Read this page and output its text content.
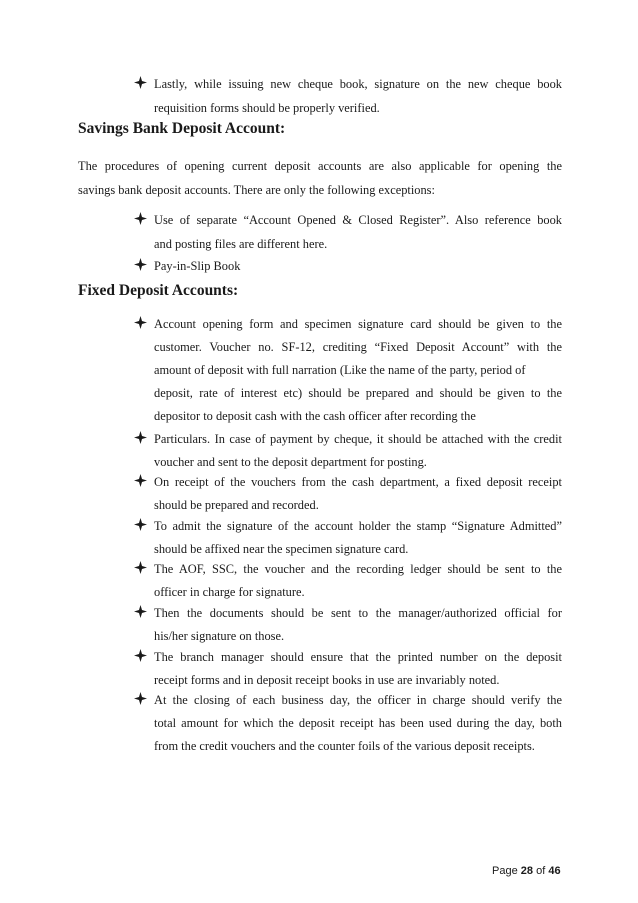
Lastly, while issuing new cheque book, signature on the new cheque book
requisition forms should be properly verified.
Savings Bank Deposit Account:
The procedures of opening current deposit accounts are also applicable for opening the
savings bank deposit accounts. There are only the following exceptions:
Use of separate “Account Opened & Closed Register”. Also reference book
and posting files are different here.
Pay-in-Slip Book
Fixed Deposit Accounts:
Account opening form and specimen signature card should be given to the
customer. Voucher no. SF-12, crediting “Fixed Deposit Account” with the
amount of deposit with full narration (Like the name of the party, period of
deposit, rate of interest etc) should be prepared and should be given to the
depositor to deposit cash with the cash officer after recording the
Particulars. In case of payment by cheque, it should be attached with the credit
voucher and sent to the deposit department for posting.
On receipt of the vouchers from the cash department, a fixed deposit receipt
should be prepared and recorded.
To admit the signature of the account holder the stamp “Signature Admitted”
should be affixed near the specimen signature card.
The AOF, SSC, the voucher and the recording ledger should be sent to the
officer in charge for signature.
Then the documents should be sent to the manager/authorized official for
his/her signature on those.
The branch manager should ensure that the printed number on the deposit
receipt forms and in deposit receipt books in use are invariably noted.
At the closing of each business day, the officer in charge should verify the
total amount for which the deposit receipt has been used during the day, both
from the credit vouchers and the counter foils of the various deposit receipts.
Page 28 of 46
